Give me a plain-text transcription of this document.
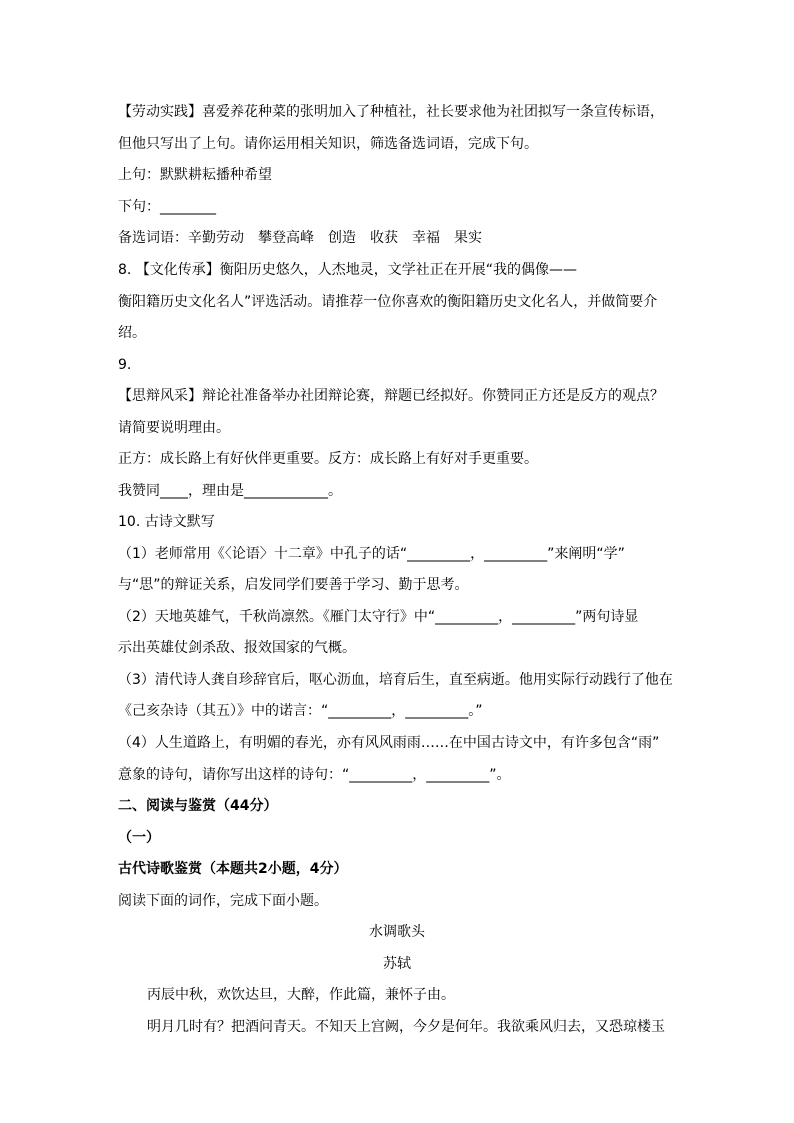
【劳动实践】喜爱养花种菜的张明加入了种植社，社长要求他为社团拟写一条宣传标语，
但他只写出了上句。请你运用相关知识，筛选备选词语，完成下句。
上句：默默耕耘播种希望
下句：________
备选词语：辛勤劳动 攀登高峰 创造 收获 幸福 果实
8. 【文化传承】衡阳历史悠久，人杰地灵，文学社正在开展“我的偶像——
衡阳籍历史文化名人”评选活动。请推荐一位你喜欢的衡阳籍历史文化名人，并做简要介
绍。
9.
【思辩风采】辩论社准备举办社团辩论赛，辩题已经拟好。你赞同正方还是反方的观点？
请简要说明理由。
正方：成长路上有好伙伴更重要。反方：成长路上有好对手更重要。
我赞同____，理由是____________。
10. 古诗文默写
（1）老师常用《〈论语〉十二章》中孔子的话“_________，_________”来阐明“学”
与“思”的辩证关系，启发同学们要善于学习、勤于思考。
（2）天地英雄气，千秋尚凛然。《雁门太守行》中“_________，_________”两句诗显
示出英雄仗剑杀敌、报效国家的气概。
（3）清代诗人龚自珍辞官后，呕心沥血，培育后生，直至病逝。他用实际行动践行了他在
《己亥杂诗（其五）》中的诺言：“_________，_________。”
（4）人生道路上，有明媚的春光，亦有风风雨雨……在中国古诗文中，有许多包含“雨”
意象的诗句，请你写出这样的诗句：“_________，_________”。
二、阅读与鉴赏（44分）
（一）
古代诗歌鉴赏（本题共2小题，4分）
阅读下面的词作，完成下面小题。
水调歌头
苏轼
丙辰中秋，欢饮达旦，大醉，作此篇，兼怀子由。
明月几时有？把酒问青天。不知天上宫阙，今夕是何年。我欲乘风归去，又恐琼楼玉
